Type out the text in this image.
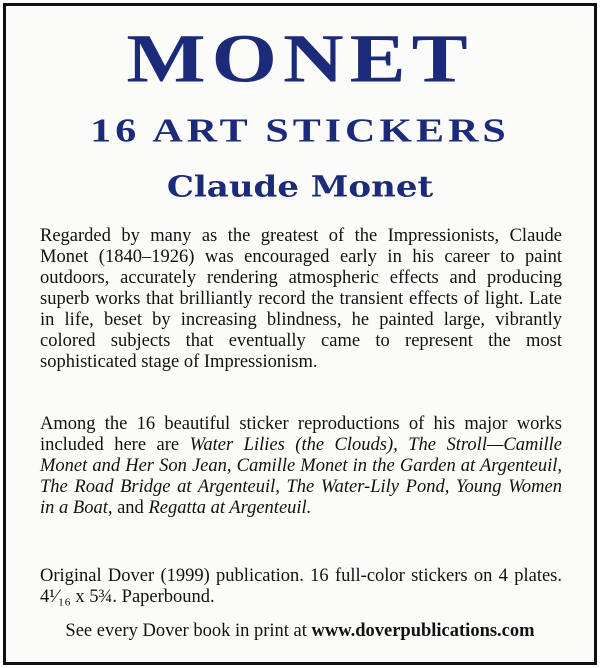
MONET
16 ART STICKERS
Claude Monet
Regarded by many as the greatest of the Impressionists, Claude Monet (1840–1926) was encouraged early in his career to paint outdoors, accurately rendering atmospheric effects and producing superb works that brilliantly record the transient effects of light. Late in life, beset by increasing blindness, he painted large, vibrantly colored subjects that eventually came to represent the most sophisticated stage of Impressionism.
Among the 16 beautiful sticker reproductions of his major works included here are Water Lilies (the Clouds), The Stroll—Camille Monet and Her Son Jean, Camille Monet in the Garden at Argenteuil, The Road Bridge at Argenteuil, The Water-Lily Pond, Young Women in a Boat, and Regatta at Argenteuil.
Original Dover (1999) publication. 16 full-color stickers on 4 plates. 4¹⁄₁₆ x 5¾. Paperbound.
See every Dover book in print at www.doverpublications.com
